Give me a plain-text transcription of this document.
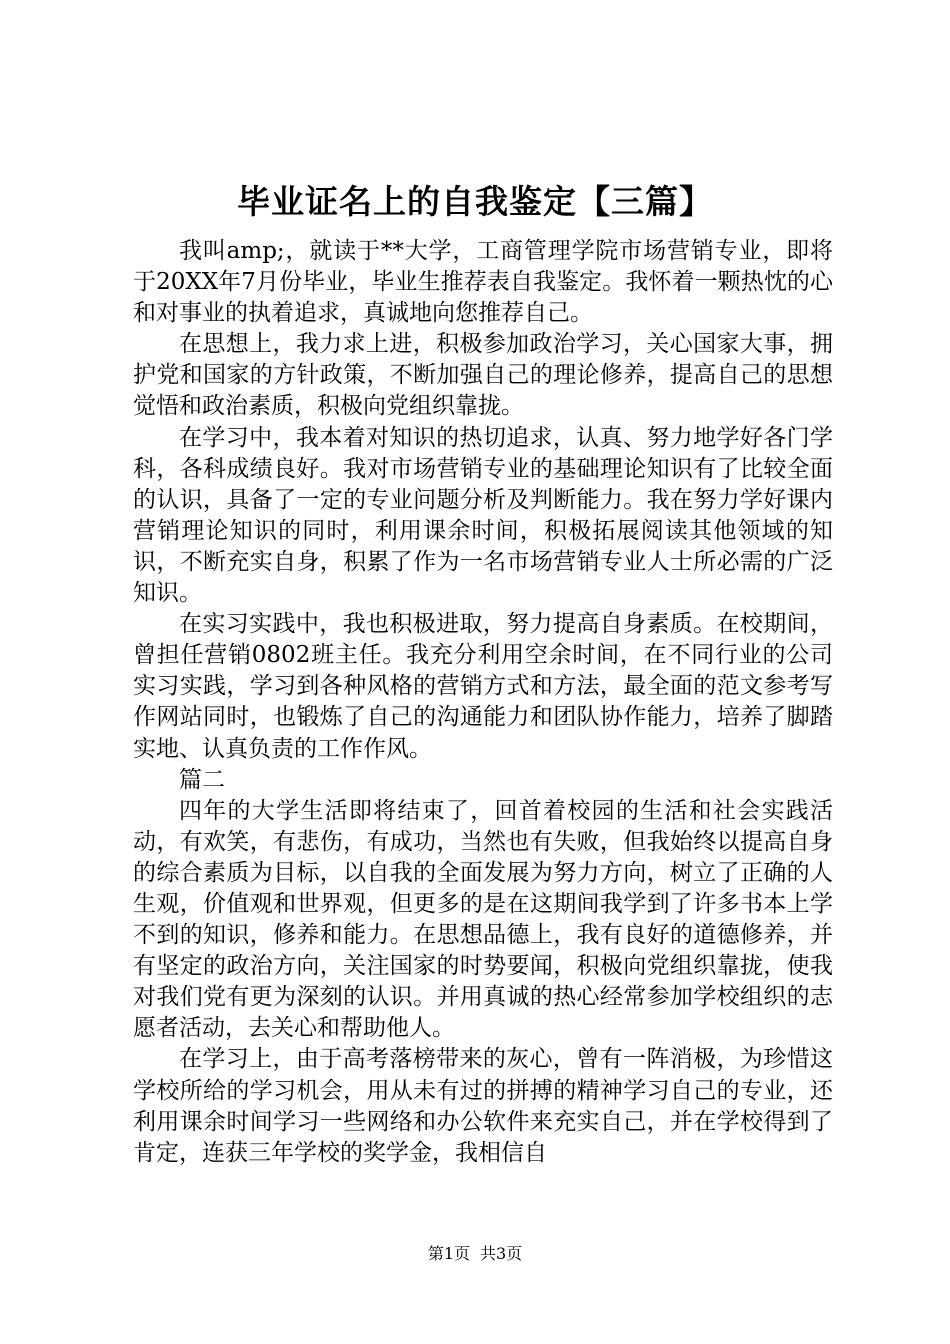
毕业证名上的自我鉴定【三篇】

我叫amp;，就读于**大学，工商管理学院市场营销专业，即将于20XX年7月份毕业，毕业生推荐表自我鉴定。我怀着一颗热忱的心和对事业的执着追求，真诚地向您推荐自己。

在思想上，我力求上进，积极参加政治学习，关心国家大事，拥护党和国家的方针政策，不断加强自己的理论修养，提高自己的思想觉悟和政治素质，积极向党组织靠拢。

在学习中，我本着对知识的热切追求，认真、努力地学好各门学科，各科成绩良好。我对市场营销专业的基础理论知识有了比较全面的认识，具备了一定的专业问题分析及判断能力。我在努力学好课内营销理论知识的同时，利用课余时间，积极拓展阅读其他领域的知识，不断充实自身，积累了作为一名市场营销专业人士所必需的广泛知识。

在实习实践中，我也积极进取，努力提高自身素质。在校期间，曾担任营销0802班主任。我充分利用空余时间，在不同行业的公司实习实践，学习到各种风格的营销方式和方法，最全面的范文参考写作网站同时，也锻炼了自己的沟通能力和团队协作能力，培养了脚踏实地、认真负责的工作作风。

篇二

四年的大学生活即将结束了，回首着校园的生活和社会实践活动，有欢笑，有悲伤，有成功，当然也有失败，但我始终以提高自身的综合素质为目标，以自我的全面发展为努力方向，树立了正确的人生观，价值观和世界观，但更多的是在这期间我学到了许多书本上学不到的知识，修养和能力。在思想品德上，我有良好的道德修养，并有坚定的政治方向，关注国家的时势要闻，积极向党组织靠拢，使我对我们党有更为深刻的认识。并用真诚的热心经常参加学校组织的志愿者活动，去关心和帮助他人。

在学习上，由于高考落榜带来的灰心，曾有一阵消极，为珍惜这学校所给的学习机会，用从未有过的拼搏的精神学习自己的专业，还利用课余时间学习一些网络和办公软件来充实自己，并在学校得到了肯定，连获三年学校的奖学金，我相信自

第1页 共3页
